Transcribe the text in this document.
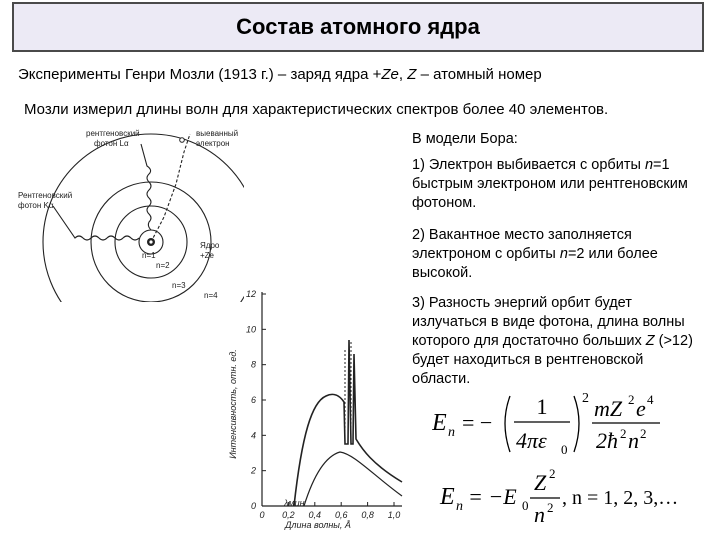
Состав атомного ядра
Эксперименты Генри Мозли (1913 г.) – заряд ядра +Ze, Z – атомный номер
Мозли измерил длины волн для характеристических спектров более 40 элементов.

В модели Бора:

1) Электрон выбивается с орбиты n=1 быстрым электроном или рентгеновским фотоном.

2) Вакантное место заполняется электроном с орбиты n=2 или более высокой.

3) Разность энергий орбит будет излучаться в виде фотона, длина волны которого для достаточно больших Z (>12) будет находиться в рентгеновской области.

рентгеновский
фотон Lα
выеванный
электрон
Рентгеновский
фотон Kα
Ядро
+Ze
n=1
n=2
n=3
n=4
Интенсивность, отн. ед.
Длина волны, Å
λмин
0
2
4
6
8
10
12
0 0,2 0,4 0,6 0,8 1,0
E n = −
1
4πε 0
2 mZ 2 e 4
2ħ 2 n 2
E n = −E 0
Z 2
n 2 , n = 1, 2, 3,…
